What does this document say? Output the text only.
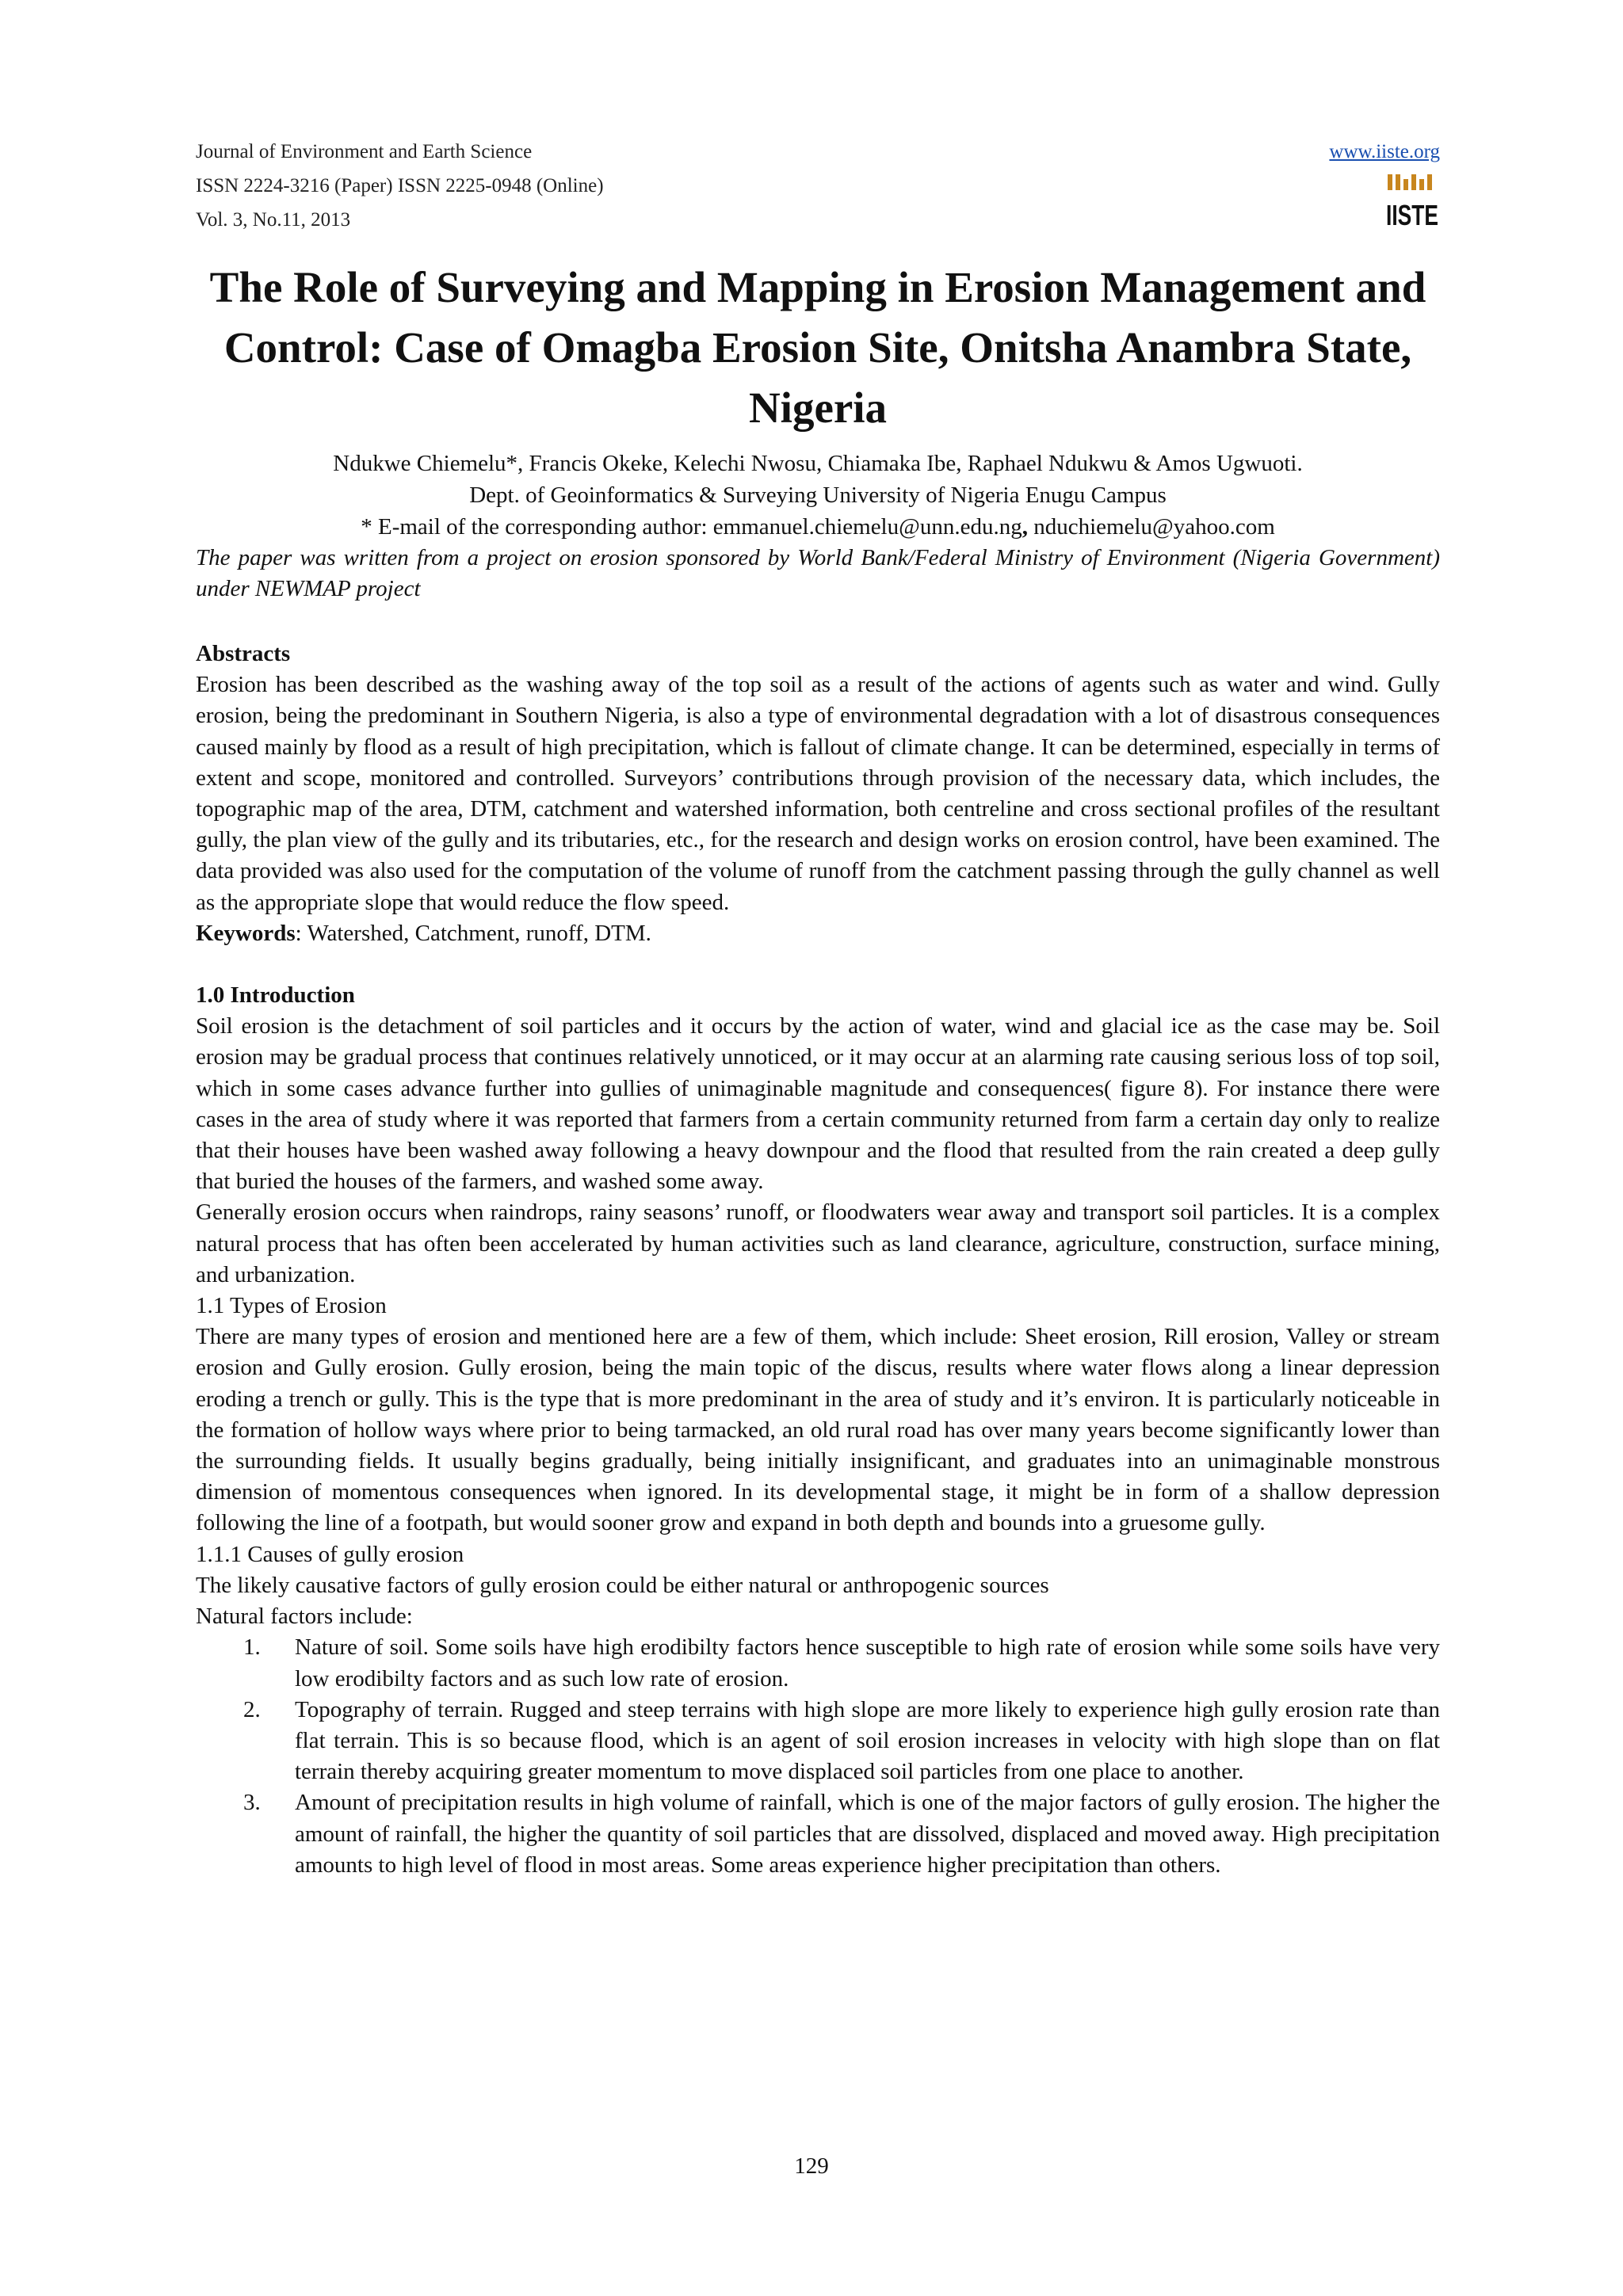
Journal of Environment and Earth Science
ISSN 2224-3216 (Paper) ISSN 2225-0948 (Online)
Vol. 3, No.11, 2013
www.iiste.org
IISTE
The Role of Surveying and Mapping in Erosion Management and Control: Case of Omagba Erosion Site, Onitsha Anambra State, Nigeria
Ndukwe Chiemelu*, Francis Okeke, Kelechi Nwosu, Chiamaka Ibe, Raphael Ndukwu & Amos Ugwuoti.
Dept. of Geoinformatics & Surveying University of Nigeria Enugu Campus
* E-mail of the corresponding author: emmanuel.chiemelu@unn.edu.ng, nduchiemelu@yahoo.com
The paper was written from a project on erosion sponsored by World Bank/Federal Ministry of Environment (Nigeria Government) under NEWMAP project
Abstracts

Erosion has been described as the washing away of the top soil as a result of the actions of agents such as water and wind. Gully erosion, being the predominant in Southern Nigeria, is also a type of environmental degradation with a lot of disastrous consequences caused mainly by flood as a result of high precipitation, which is fallout of climate change. It can be determined, especially in terms of extent and scope, monitored and controlled. Surveyors’ contributions through provision of the necessary data, which includes, the topographic map of the area, DTM, catchment and watershed information, both centreline and cross sectional profiles of the resultant gully, the plan view of the gully and its tributaries, etc., for the research and design works on erosion control, have been examined. The data provided was also used for the computation of the volume of runoff from the catchment passing through the gully channel as well as the appropriate slope that would reduce the flow speed.

Keywords: Watershed, Catchment, runoff, DTM.

1.0 Introduction

Soil erosion is the detachment of soil particles and it occurs by the action of water, wind and glacial ice as the case may be. Soil erosion may be gradual process that continues relatively unnoticed, or it may occur at an alarming rate causing serious loss of top soil, which in some cases advance further into gullies of unimaginable magnitude and consequences( figure 8). For instance there were cases in the area of study where it was reported that farmers from a certain community returned from farm a certain day only to realize that their houses have been washed away following a heavy downpour and the flood that resulted from the rain created a deep gully that buried the houses of the farmers, and washed some away.

Generally erosion occurs when raindrops, rainy seasons’ runoff, or floodwaters wear away and transport soil particles. It is a complex natural process that has often been accelerated by human activities such as land clearance, agriculture, construction, surface mining, and urbanization.

1.1 Types of Erosion

There are many types of erosion and mentioned here are a few of them, which include: Sheet erosion, Rill erosion, Valley or stream erosion and Gully erosion. Gully erosion, being the main topic of the discus, results where water flows along a linear depression eroding a trench or gully. This is the type that is more predominant in the area of study and it’s environ. It is particularly noticeable in the formation of hollow ways where prior to being tarmacked, an old rural road has over many years become significantly lower than the surrounding fields. It usually begins gradually, being initially insignificant, and graduates into an unimaginable monstrous dimension of momentous consequences when ignored. In its developmental stage, it might be in form of a shallow depression following the line of a footpath, but would sooner grow and expand in both depth and bounds into a gruesome gully.

1.1.1 Causes of gully erosion

The likely causative factors of gully erosion could be either natural or anthropogenic sources

Natural factors include:

1. Nature of soil. Some soils have high erodibilty factors hence susceptible to high rate of erosion while some soils have very low erodibilty factors and as such low rate of erosion.
2. Topography of terrain. Rugged and steep terrains with high slope are more likely to experience high gully erosion rate than flat terrain. This is so because flood, which is an agent of soil erosion increases in velocity with high slope than on flat terrain thereby acquiring greater momentum to move displaced soil particles from one place to another.
3. Amount of precipitation results in high volume of rainfall, which is one of the major factors of gully erosion. The higher the amount of rainfall, the higher the quantity of soil particles that are dissolved, displaced and moved away. High precipitation amounts to high level of flood in most areas. Some areas experience higher precipitation than others.
129
